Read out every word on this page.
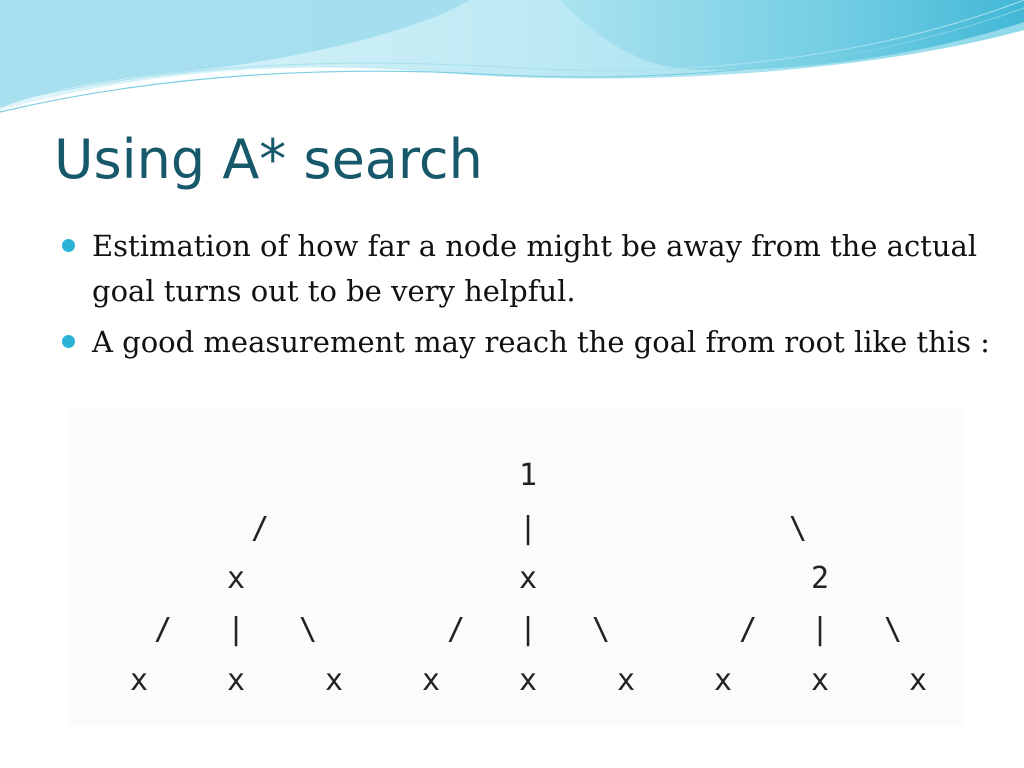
Using A* search
Estimation of how far a node might be away from the actual goal turns out to be very helpful.
A good measurement may reach the goal from root like this :
1
/	|	\
x	x	2
/	|	\	/	|	\	/	|	\
x	x	x	x	x	x	x	x	x
